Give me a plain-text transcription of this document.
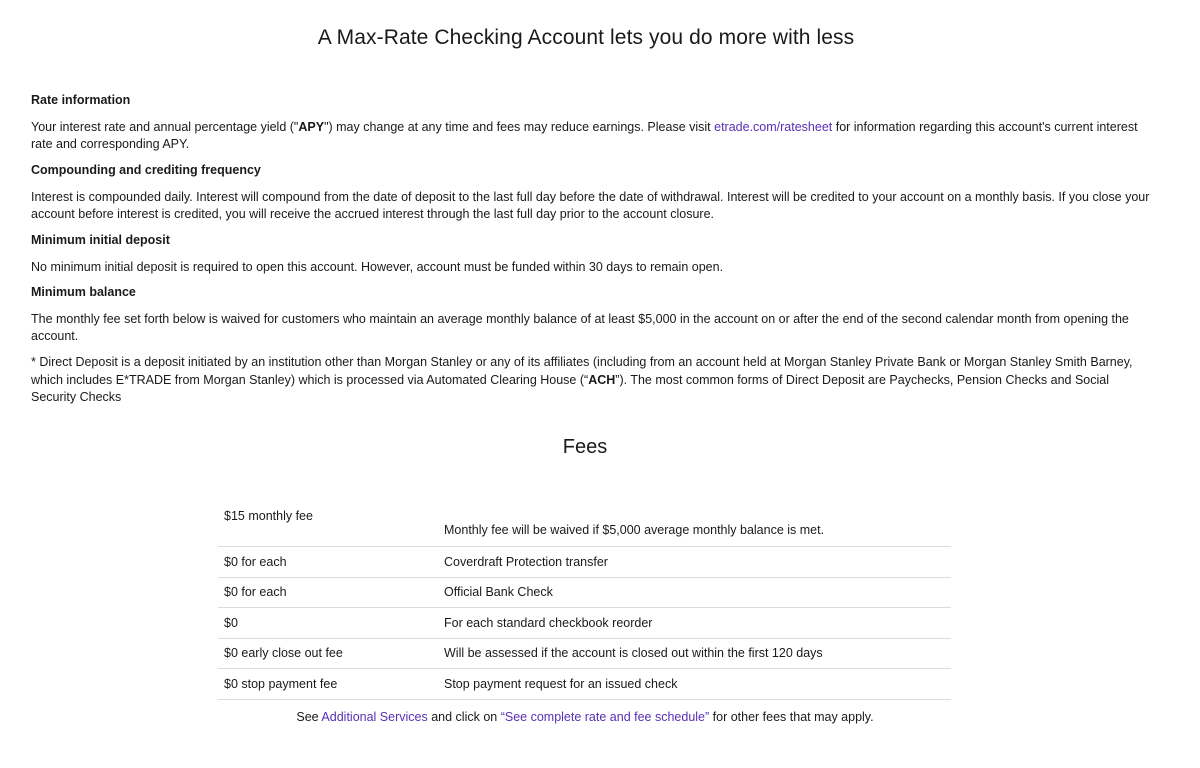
A Max-Rate Checking Account lets you do more with less

Rate information

Your interest rate and annual percentage yield ("APY") may change at any time and fees may reduce earnings. Please visit etrade.com/ratesheet for information regarding this account's current interest rate and corresponding APY.

Compounding and crediting frequency

Interest is compounded daily. Interest will compound from the date of deposit to the last full day before the date of withdrawal. Interest will be credited to your account on a monthly basis. If you close your account before interest is credited, you will receive the accrued interest through the last full day prior to the account closure.

Minimum initial deposit

No minimum initial deposit is required to open this account. However, account must be funded within 30 days to remain open.

Minimum balance

The monthly fee set forth below is waived for customers who maintain an average monthly balance of at least $5,000 in the account on or after the end of the second calendar month from opening the account.

* Direct Deposit is a deposit initiated by an institution other than Morgan Stanley or any of its affiliates (including from an account held at Morgan Stanley Private Bank or Morgan Stanley Smith Barney, which includes E*TRADE from Morgan Stanley) which is processed via Automated Clearing House (“ACH”). The most common forms of Direct Deposit are Paychecks, Pension Checks and Social Security Checks

Fees
$15 monthly fee	Monthly fee will be waived if $5,000 average monthly balance is met.
$0 for each	Coverdraft Protection transfer
$0 for each	Official Bank Check
$0	For each standard checkbook reorder
$0 early close out fee	Will be assessed if the account is closed out within the first 120 days
$0 stop payment fee	Stop payment request for an issued check
See Additional Services and click on “See complete rate and fee schedule” for other fees that may apply.
